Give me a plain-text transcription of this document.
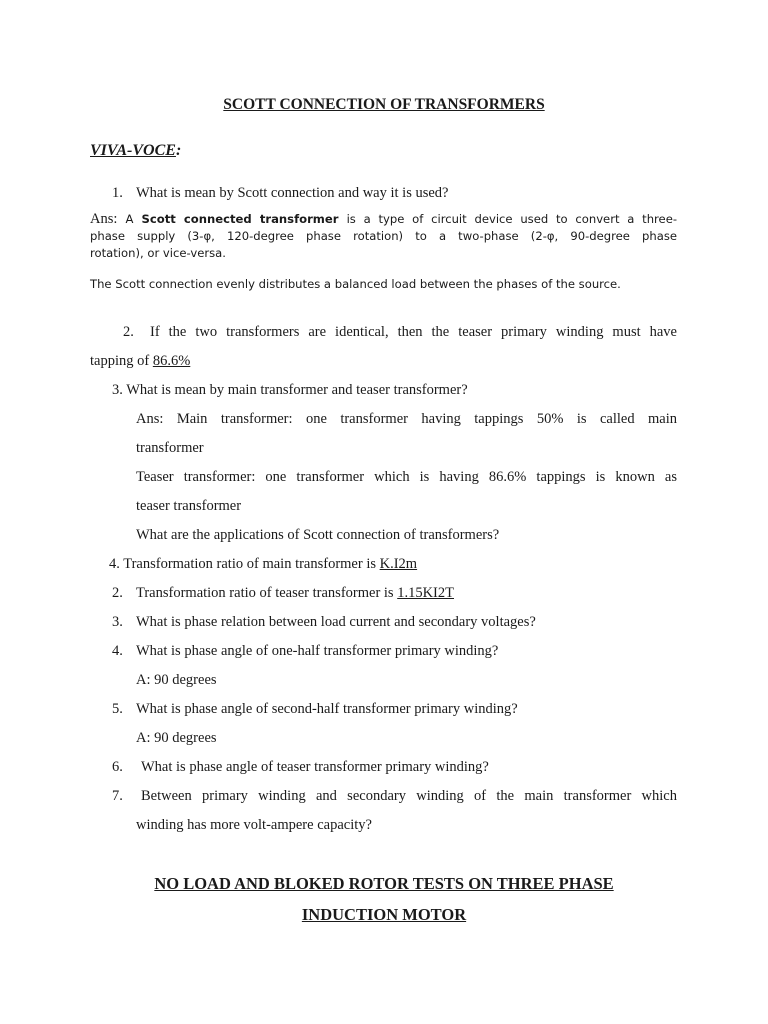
SCOTT CONNECTION OF TRANSFORMERS
VIVA-VOCE:
1. What is mean by Scott connection and way it is used?
Ans: A Scott connected transformer is a type of circuit device used to convert a three-
phase supply (3-φ, 120-degree phase rotation) to a two-phase (2-φ, 90-degree phase
rotation), or vice-versa.
The Scott connection evenly distributes a balanced load between the phases of the source.
2. If the two transformers are identical, then the teaser primary winding must have
tapping of 86.6%
3. What is mean by main transformer and teaser transformer?
Ans: Main transformer: one transformer having tappings 50% is called main
transformer
Teaser transformer: one transformer which is having 86.6% tappings is known as
teaser transformer
What are the applications of Scott connection of transformers?
4. Transformation ratio of main transformer is K.I2m
2. Transformation ratio of teaser transformer is 1.15KI2T
3. What is phase relation between load current and secondary voltages?
4. What is phase angle of one-half transformer primary winding?
A: 90 degrees
5. What is phase angle of second-half transformer primary winding?
A: 90 degrees
6. What is phase angle of teaser transformer primary winding?
7. Between primary winding and secondary winding of the main transformer which
winding has more volt-ampere capacity?
NO LOAD AND BLOKED ROTOR TESTS ON THREE PHASE
INDUCTION MOTOR
